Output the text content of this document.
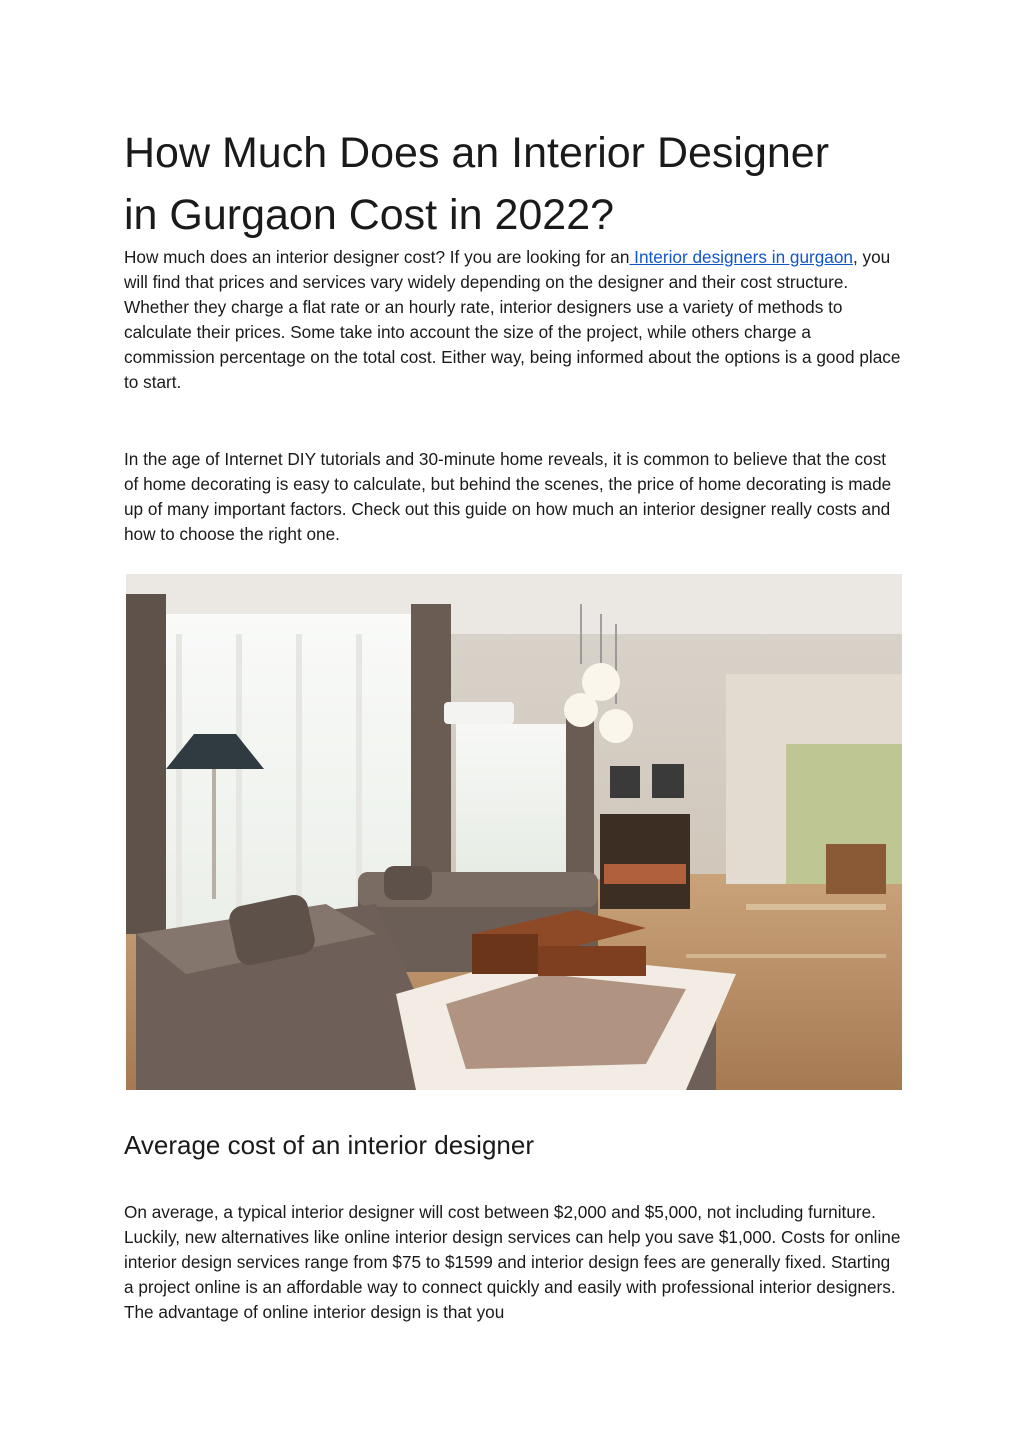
How Much Does an Interior Designer
in Gurgaon Cost in 2022?

How much does an interior designer cost? If you are looking for an Interior designers in gurgaon, you will find that prices and services vary widely depending on the designer and their cost structure. Whether they charge a flat rate or an hourly rate, interior designers use a variety of methods to calculate their prices. Some take into account the size of the project, while others charge a commission percentage on the total cost. Either way, being informed about the options is a good place to start.

In the age of Internet DIY tutorials and 30-minute home reveals, it is common to believe that the cost of home decorating is easy to calculate, but behind the scenes, the price of home decorating is made up of many important factors. Check out this guide on how much an interior designer really costs and how to choose the right one.

Average cost of an interior designer

On average, a typical interior designer will cost between $2,000 and $5,000, not including furniture. Luckily, new alternatives like online interior design services can help you save $1,000. Costs for online interior design services range from $75 to $1599 and interior design fees are generally fixed. Starting a project online is an affordable way to connect quickly and easily with professional interior designers. The advantage of online interior design is that you
